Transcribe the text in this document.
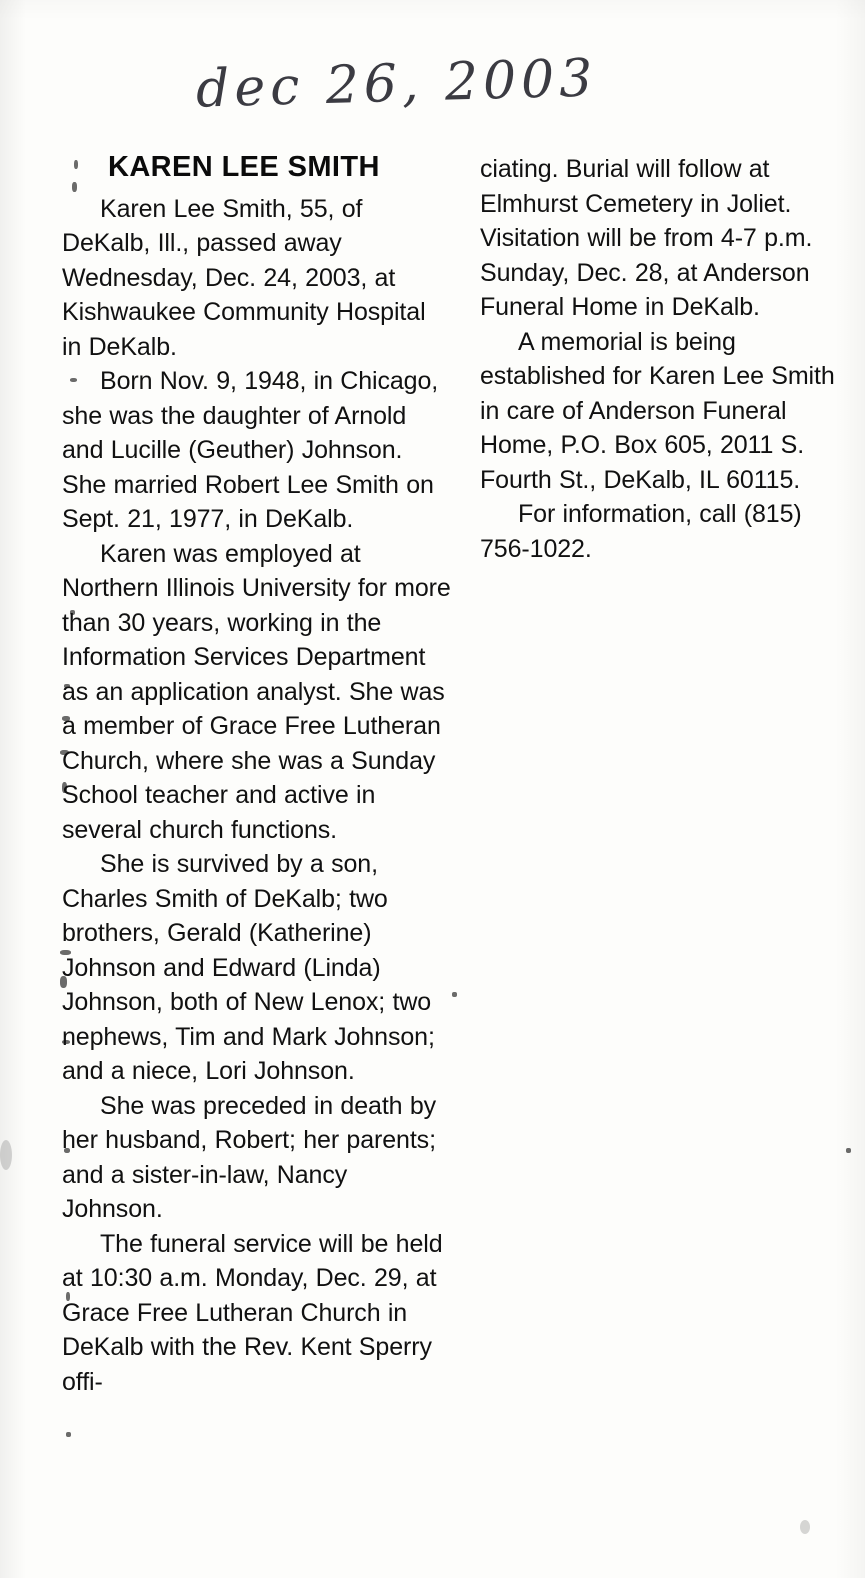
dec 26, 2003
KAREN LEE SMITH

Karen Lee Smith, 55, of DeKalb, Ill., passed away Wednesday, Dec. 24, 2003, at Kishwaukee Community Hospital in DeKalb.

Born Nov. 9, 1948, in Chicago, she was the daughter of Arnold and Lucille (Geuther) Johnson. She married Robert Lee Smith on Sept. 21, 1977, in DeKalb.

Karen was employed at Northern Illinois University for more than 30 years, working in the Information Services Department as an application analyst. She was a member of Grace Free Lutheran Church, where she was a Sunday School teacher and active in several church functions.

She is survived by a son, Charles Smith of DeKalb; two brothers, Gerald (Katherine) Johnson and Edward (Linda) Johnson, both of New Lenox; two nephews, Tim and Mark Johnson; and a niece, Lori Johnson.

She was preceded in death by her husband, Robert; her parents; and a sister-in-law, Nancy Johnson.

The funeral service will be held at 10:30 a.m. Monday, Dec. 29, at Grace Free Lutheran Church in DeKalb with the Rev. Kent Sperry offi-

ciating. Burial will follow at Elmhurst Cemetery in Joliet. Visitation will be from 4-7 p.m. Sunday, Dec. 28, at Anderson Funeral Home in DeKalb.

A memorial is being established for Karen Lee Smith in care of Anderson Funeral Home, P.O. Box 605, 2011 S. Fourth St., DeKalb, IL 60115.

For information, call (815) 756-1022.
